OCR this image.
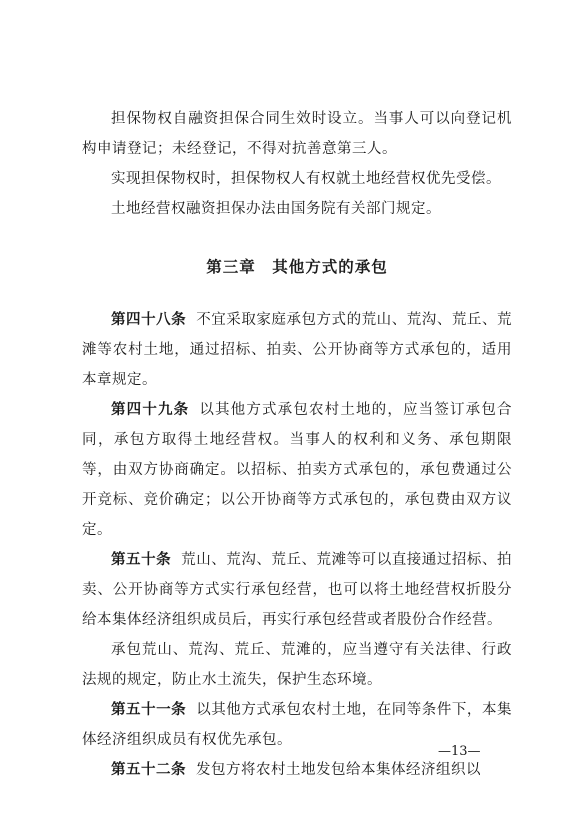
担保物权自融资担保合同生效时设立。当事人可以向登记机构申请登记；未经登记，不得对抗善意第三人。

实现担保物权时，担保物权人有权就土地经营权优先受偿。

土地经营权融资担保办法由国务院有关部门规定。

第三章　其他方式的承包

第四十八条 不宜采取家庭承包方式的荒山、荒沟、荒丘、荒滩等农村土地，通过招标、拍卖、公开协商等方式承包的，适用本章规定。

第四十九条 以其他方式承包农村土地的，应当签订承包合同，承包方取得土地经营权。当事人的权利和义务、承包期限等，由双方协商确定。以招标、拍卖方式承包的，承包费通过公开竞标、竞价确定；以公开协商等方式承包的，承包费由双方议定。

第五十条 荒山、荒沟、荒丘、荒滩等可以直接通过招标、拍卖、公开协商等方式实行承包经营，也可以将土地经营权折股分给本集体经济组织成员后，再实行承包经营或者股份合作经营。

承包荒山、荒沟、荒丘、荒滩的，应当遵守有关法律、行政法规的规定，防止水土流失，保护生态环境。

第五十一条 以其他方式承包农村土地，在同等条件下，本集体经济组织成员有权优先承包。

第五十二条 发包方将农村土地发包给本集体经济组织以

—13—
